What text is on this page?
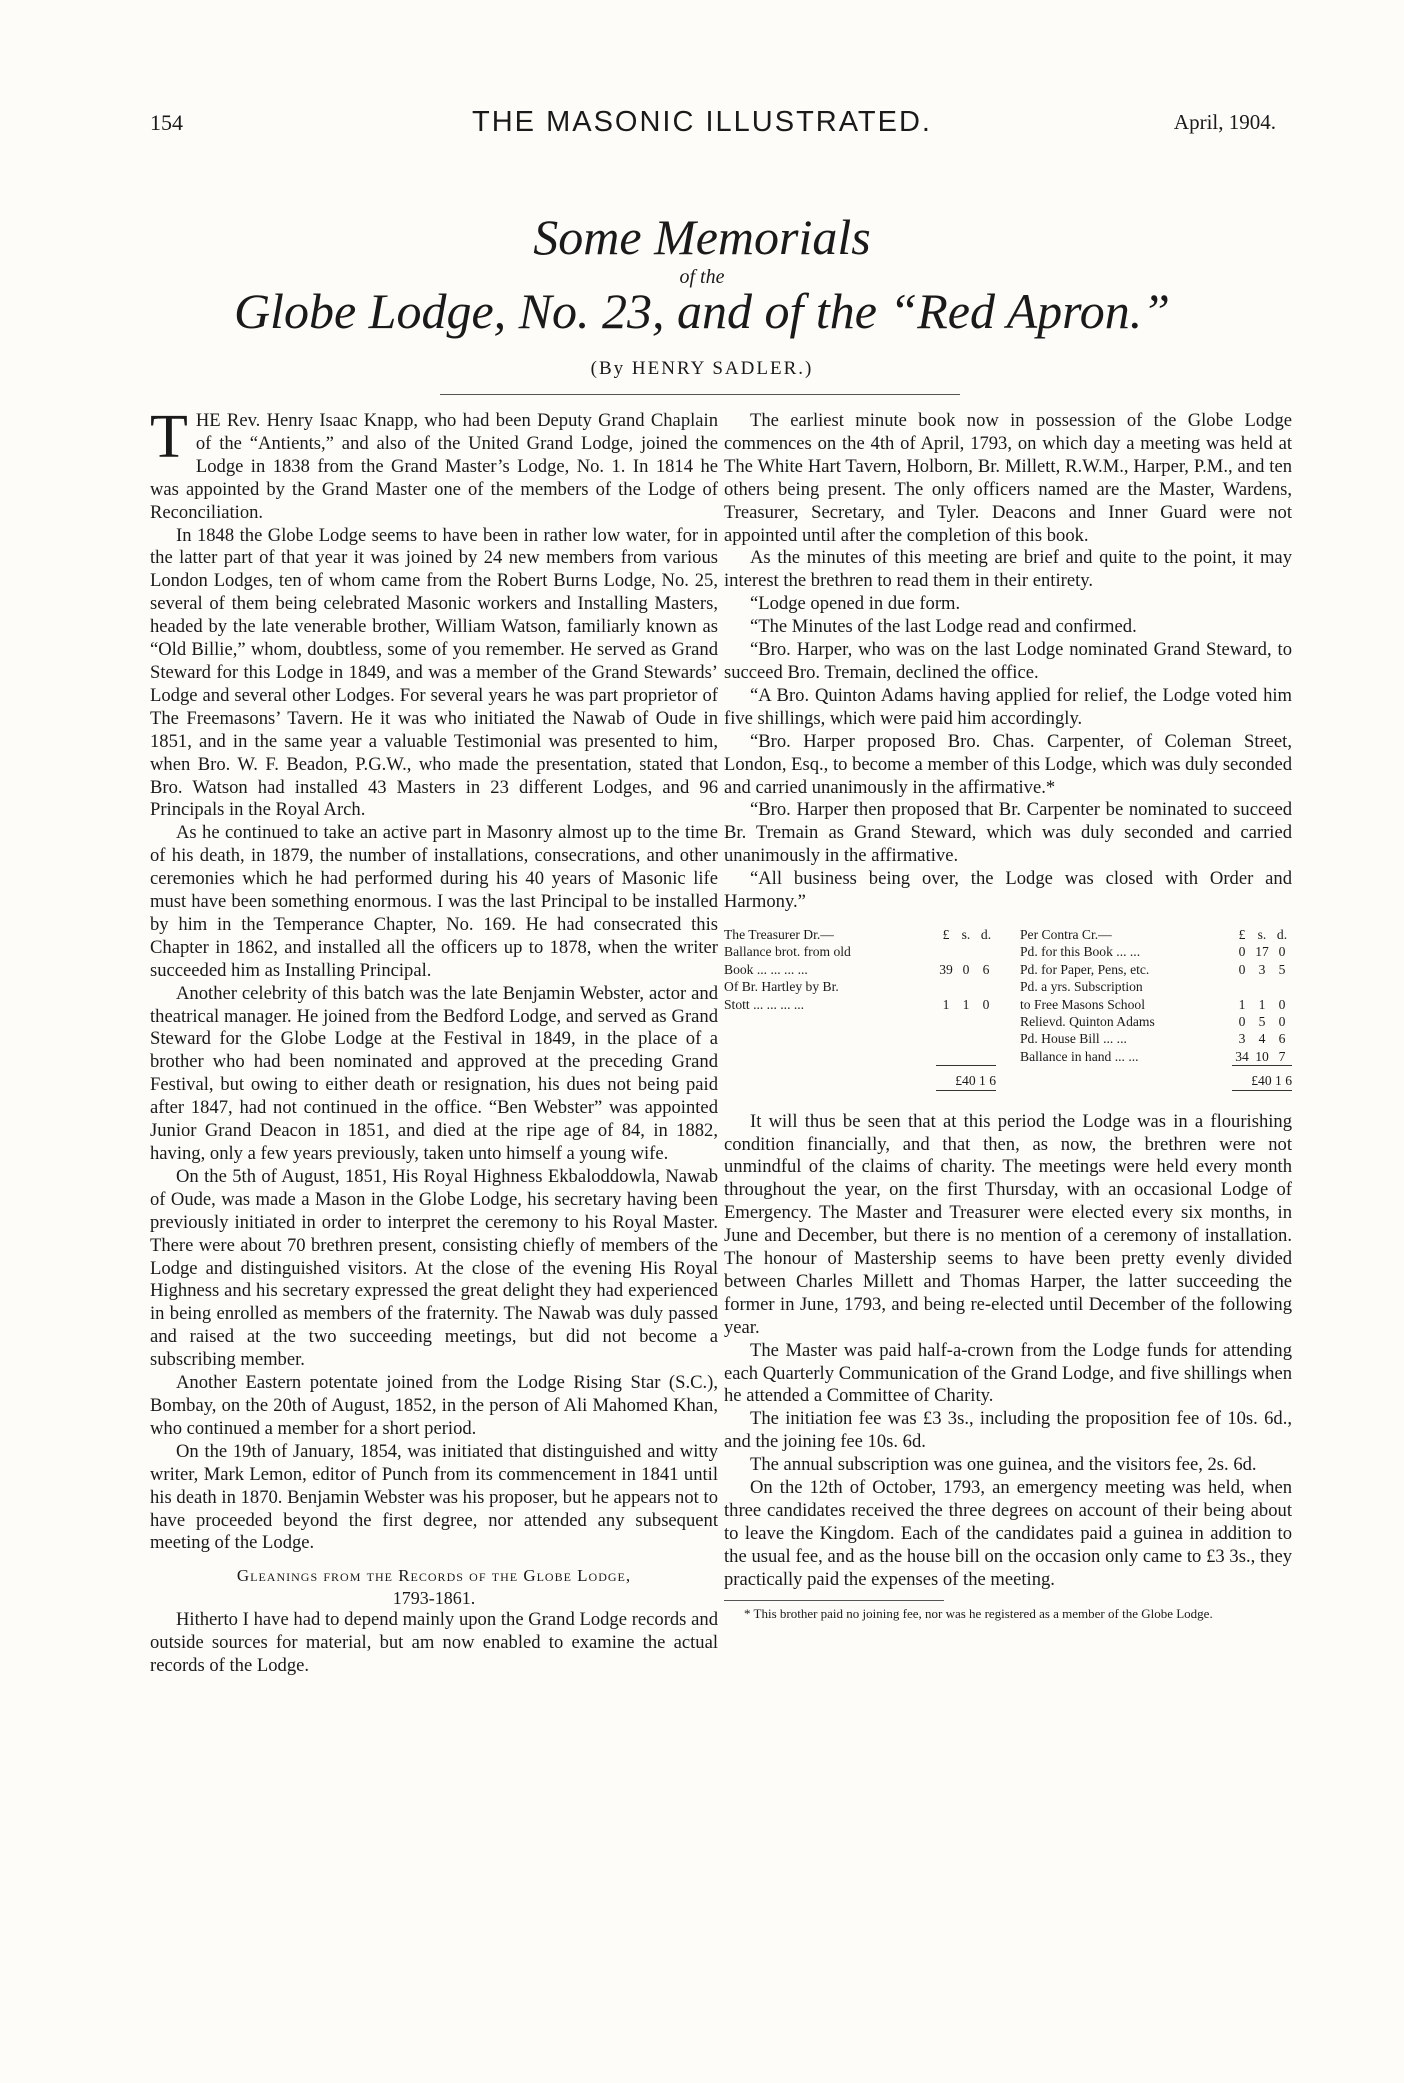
THE MASONIC ILLUSTRATED.
154	April, 1904.
Some Memorials
of the
Globe Lodge, No. 23, and of the “Red Apron.”
(By HENRY SADLER.)

THE Rev. Henry Isaac Knapp, who had been Deputy Grand Chaplain of the “Antients,” and also of the United Grand Lodge, joined the Lodge in 1838 from the Grand Master’s Lodge, No. 1. In 1814 he was appointed by the Grand Master one of the members of the Lodge of Reconciliation.

In 1848 the Globe Lodge seems to have been in rather low water, for in the latter part of that year it was joined by 24 new members from various London Lodges, ten of whom came from the Robert Burns Lodge, No. 25, several of them being celebrated Masonic workers and Installing Masters, headed by the late venerable brother, William Watson, familiarly known as “Old Billie,” whom, doubtless, some of you remember. He served as Grand Steward for this Lodge in 1849, and was a member of the Grand Stewards’ Lodge and several other Lodges. For several years he was part proprietor of The Freemasons’ Tavern. He it was who initiated the Nawab of Oude in 1851, and in the same year a valuable Testimonial was presented to him, when Bro. W. F. Beadon, P.G.W., who made the presentation, stated that Bro. Watson had installed 43 Masters in 23 different Lodges, and 96 Principals in the Royal Arch.

As he continued to take an active part in Masonry almost up to the time of his death, in 1879, the number of installations, consecrations, and other ceremonies which he had performed during his 40 years of Masonic life must have been something enormous. I was the last Principal to be installed by him in the Temperance Chapter, No. 169. He had consecrated this Chapter in 1862, and installed all the officers up to 1878, when the writer succeeded him as Installing Principal.

Another celebrity of this batch was the late Benjamin Webster, actor and theatrical manager. He joined from the Bedford Lodge, and served as Grand Steward for the Globe Lodge at the Festival in 1849, in the place of a brother who had been nominated and approved at the preceding Grand Festival, but owing to either death or resignation, his dues not being paid after 1847, had not continued in the office. “Ben Webster” was appointed Junior Grand Deacon in 1851, and died at the ripe age of 84, in 1882, having, only a few years previously, taken unto himself a young wife.

On the 5th of August, 1851, His Royal Highness Ekbaloddowla, Nawab of Oude, was made a Mason in the Globe Lodge, his secretary having been previously initiated in order to interpret the ceremony to his Royal Master. There were about 70 brethren present, consisting chiefly of members of the Lodge and distinguished visitors. At the close of the evening His Royal Highness and his secretary expressed the great delight they had experienced in being enrolled as members of the fraternity. The Nawab was duly passed and raised at the two succeeding meetings, but did not become a subscribing member.

Another Eastern potentate joined from the Lodge Rising Star (S.C.), Bombay, on the 20th of August, 1852, in the person of Ali Mahomed Khan, who continued a member for a short period.

On the 19th of January, 1854, was initiated that distinguished and witty writer, Mark Lemon, editor of Punch from its commencement in 1841 until his death in 1870. Benjamin Webster was his proposer, but he appears not to have proceeded beyond the first degree, nor attended any subsequent meeting of the Lodge.

Gleanings from the Records of the Globe Lodge,
1793-1861.

Hitherto I have had to depend mainly upon the Grand Lodge records and outside sources for material, but am now enabled to examine the actual records of the Lodge.

The earliest minute book now in possession of the Globe Lodge commences on the 4th of April, 1793, on which day a meeting was held at The White Hart Tavern, Holborn, Br. Millett, R.W.M., Harper, P.M., and ten others being present. The only officers named are the Master, Wardens, Treasurer, Secretary, and Tyler. Deacons and Inner Guard were not appointed until after the completion of this book.

As the minutes of this meeting are brief and quite to the point, it may interest the brethren to read them in their entirety.

“Lodge opened in due form.

“The Minutes of the last Lodge read and confirmed.

“Bro. Harper, who was on the last Lodge nominated Grand Steward, to succeed Bro. Tremain, declined the office.

“A Bro. Quinton Adams having applied for relief, the Lodge voted him five shillings, which were paid him accordingly.

“Bro. Harper proposed Bro. Chas. Carpenter, of Coleman Street, London, Esq., to become a member of this Lodge, which was duly seconded and carried unanimously in the affirmative.*

“Bro. Harper then proposed that Br. Carpenter be nominated to succeed Br. Tremain as Grand Steward, which was duly seconded and carried unanimously in the affirmative.

“All business being over, the Lodge was closed with Order and Harmony.”

The Treasurer Dr.—	£	s.	d.
Ballance brot. from old			
Book ... ... ... ...	39	0	6
Of Br. Hartley by Br.			
Stott ... ... ... ...	1	1	0

	£40 1 6		
Per Contra Cr.—	£	s.	d.
Pd. for this Book ... ...	0	17	0
Pd. for Paper, Pens, etc.	0	3	5
Pd. a yrs. Subscription			
to Free Masons School	1	1	0
Relievd. Quinton Adams	0	5	0
Pd. House Bill ... ...	3	4	6
Ballance in hand ... ...	34	10	7
	£40 1 6		

It will thus be seen that at this period the Lodge was in a flourishing condition financially, and that then, as now, the brethren were not unmindful of the claims of charity. The meetings were held every month throughout the year, on the first Thursday, with an occasional Lodge of Emergency. The Master and Treasurer were elected every six months, in June and December, but there is no mention of a ceremony of installation. The honour of Mastership seems to have been pretty evenly divided between Charles Millett and Thomas Harper, the latter succeeding the former in June, 1793, and being re-elected until December of the following year.

The Master was paid half-a-crown from the Lodge funds for attending each Quarterly Communication of the Grand Lodge, and five shillings when he attended a Committee of Charity.

The initiation fee was £3 3s., including the proposition fee of 10s. 6d., and the joining fee 10s. 6d.

The annual subscription was one guinea, and the visitors fee, 2s. 6d.

On the 12th of October, 1793, an emergency meeting was held, when three candidates received the three degrees on account of their being about to leave the Kingdom. Each of the candidates paid a guinea in addition to the usual fee, and as the house bill on the occasion only came to £3 3s., they practically paid the expenses of the meeting.

* This brother paid no joining fee, nor was he registered as a member of the Globe Lodge.
